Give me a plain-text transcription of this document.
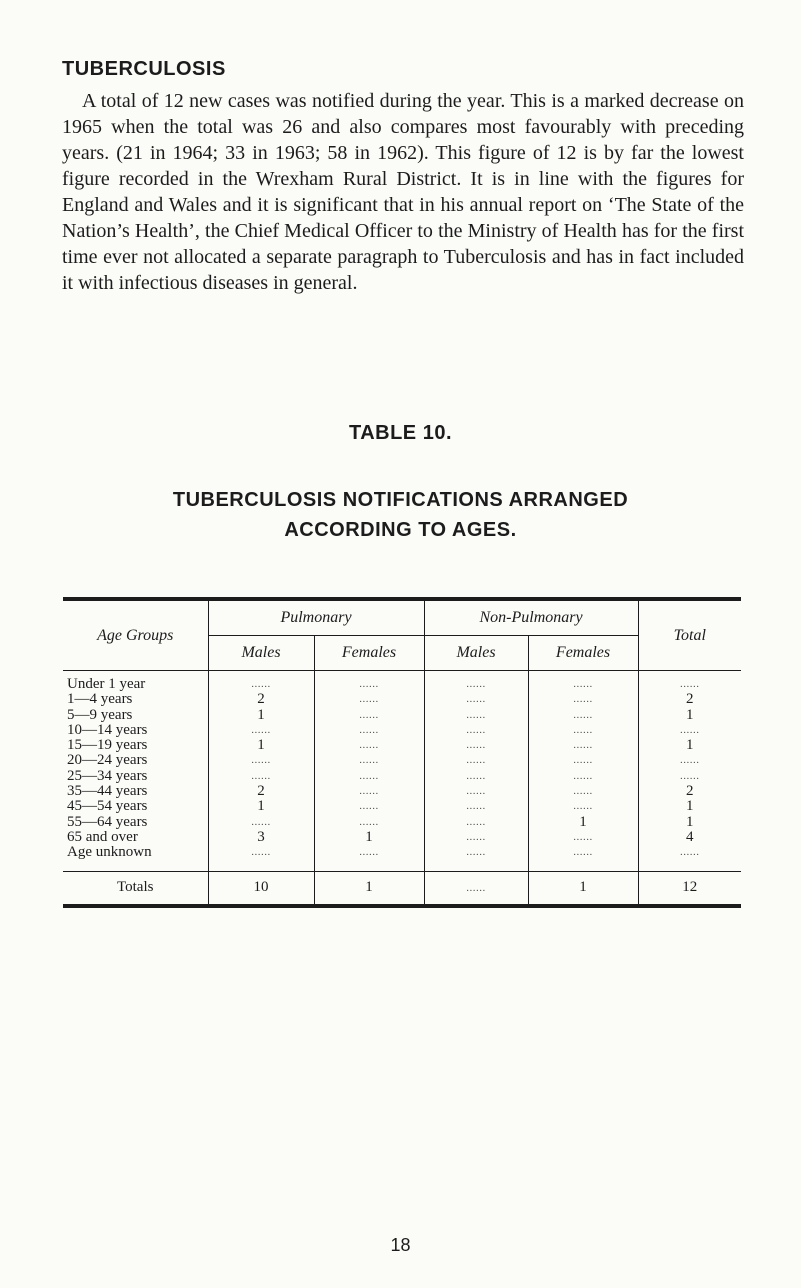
TUBERCULOSIS

A total of 12 new cases was notified during the year. This is a marked decrease on 1965 when the total was 26 and also compares most favourably with preceding years. (21 in 1964; 33 in 1963; 58 in 1962). This figure of 12 is by far the lowest figure recorded in the Wrexham Rural District. It is in line with the figures for England and Wales and it is significant that in his annual report on ‘The State of the Nation’s Health’, the Chief Medical Officer to the Ministry of Health has for the first time ever not allocated a separate paragraph to Tuberculosis and has in fact included it with infectious diseases in general.

TABLE 10.
TUBERCULOSIS NOTIFICATIONS ARRANGED
ACCORDING TO AGES.
Age Groups	Pulmonary		Non-Pulmonary		Total
	Males	Females	Males	Females	
Under 1 year	......	......	......	......	......
1—4 years	2	......	......	......	2
5—9 years	1	......	......	......	1
10—14 years	......	......	......	......	......
15—19 years	1	......	......	......	1
20—24 years	......	......	......	......	......
25—34 years	......	......	......	......	......
35—44 years	2	......	......	......	2
45—54 years	1	......	......	......	1
55—64 years	......	......	......	1	1
65 and over	3	1	......	......	4
Age unknown	......	......	......	......	......

Totals	10	1	......	1	12
18
